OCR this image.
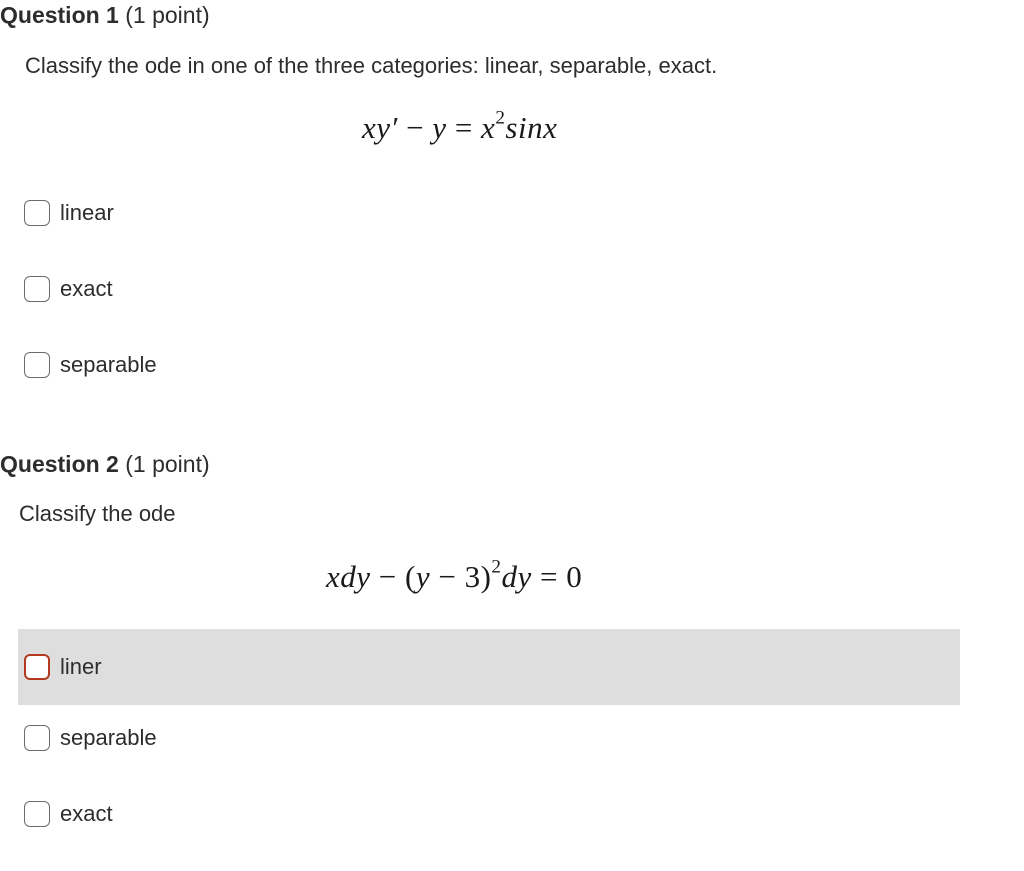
Question 1 (1 point)
Classify the ode in one of the three categories: linear, separable, exact.
$xy' - y = x^2\sin x$
linear
exact
separable
Question 2 (1 point)
Classify the ode
xdy − $(y - 3)^2dy = 0$
liner
separable
exact
